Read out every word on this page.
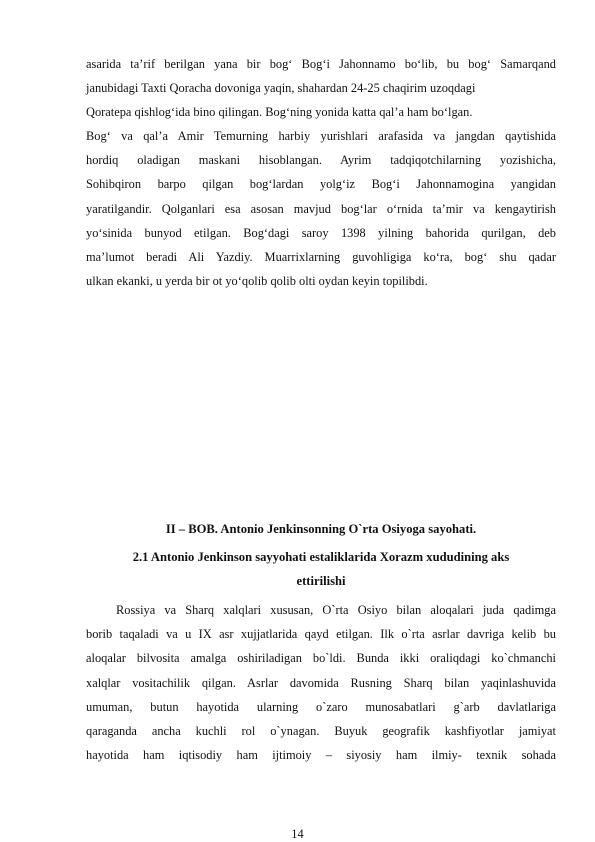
asarida ta’rif berilgan yana bir bog‘ Bog‘i Jahonnamo bo‘lib, bu bog‘ Samarqand
janubidagi Taxti Qoracha dovoniga yaqin, shahardan 24-25 chaqirim uzoqdagi
Qoratepa qishlog‘ida bino qilingan. Bog‘ning yonida katta qal’a ham bo‘lgan.
Bog‘ va qal’a Amir Temurning harbiy yurishlari arafasida va jangdan qaytishida
hordiq oladigan maskani hisoblangan. Ayrim tadqiqotchilarning yozishicha,
Sohibqiron barpo qilgan bog‘lardan yolg‘iz Bog‘i Jahonnamogina yangidan
yaratilgandir. Qolganlari esa asosan mavjud bog‘lar o‘rnida ta’mir va kengaytirish
yo‘sinida bunyod etilgan. Bog‘dagi saroy 1398 yilning bahorida qurilgan, deb
ma’lumot beradi Ali Yazdiy. Muarrixlarning guvohligiga ko‘ra, bog‘ shu qadar
ulkan ekanki, u yerda bir ot yo‘qolib qolib olti oydan keyin topilibdi.

II – BOB. Antonio Jenkinsonning O`rta Osiyoga sayohati.

2.1 Antonio Jenkinson sayyohati estaliklarida Xorazm xududining aks
ettirilishi
Rossiya va Sharq xalqlari xususan, O`rta Osiyo bilan aloqalari juda qadimga
borib taqaladi va u IX asr xujjatlarida qayd etilgan. Ilk o`rta asrlar davriga kelib bu
aloqalar bilvosita amalga oshiriladigan bo`ldi. Bunda ikki oraliqdagi ko`chmanchi
xalqlar vositachilik qilgan. Asrlar davomida Rusning Sharq bilan yaqinlashuvida
umuman, butun hayotida ularning o`zaro munosabatlari g`arb davlatlariga
qaraganda ancha kuchli rol o`ynagan. Buyuk geografik kashfiyotlar jamiyat
hayotida ham iqtisodiy ham ijtimoiy – siyosiy ham ilmiy- texnik sohada
14
